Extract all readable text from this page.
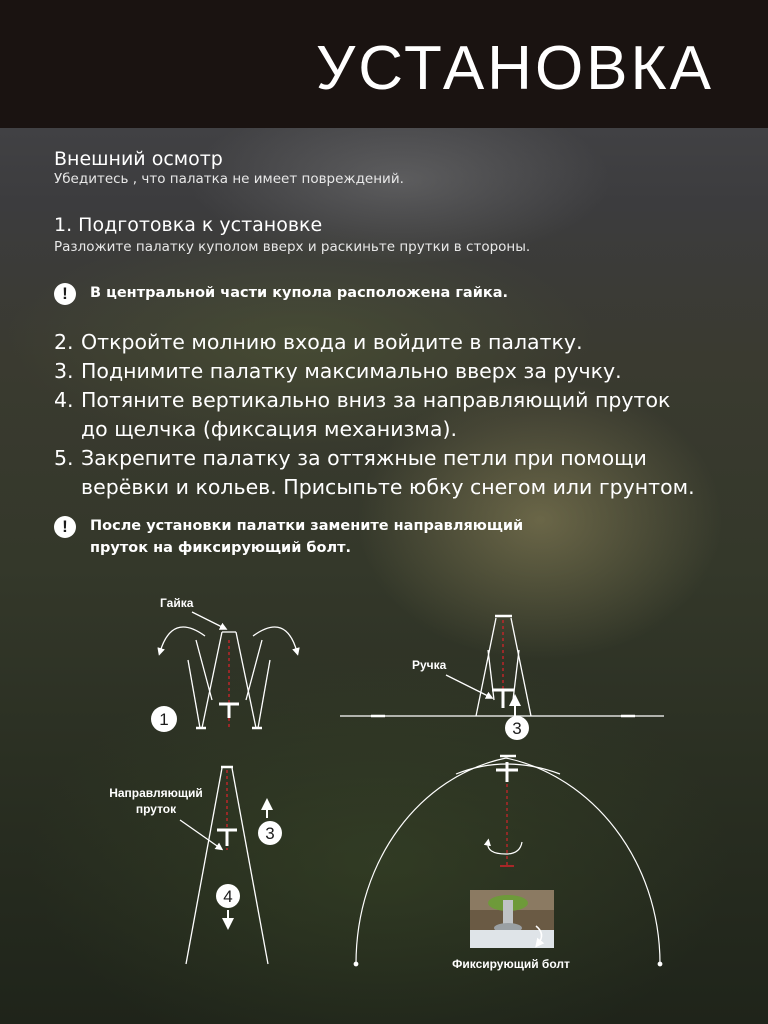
УСТАНОВКА
Внешний осмотр
Убедитесь , что палатка не имеет повреждений.
1. Подготовка к установке
Разложите палатку куполом вверх и раскиньте прутки в стороны.
!	В центральной части купола расположена гайка.
2. Откройте молнию входа и войдите в палатку.
3. Поднимите палатку максимально вверх за ручку.
4. Потяните вертикально вниз за направляющий пруток
до щелчка (фиксация механизма).
5. Закрепите палатку за оттяжные петли при помощи
верёвки и кольев. Присыпьте юбку снегом или грунтом.
!	После установки палатки замените направляющий
пруток на фиксирующий болт.
Гайка
1
Ручка
3
Направляющий
пруток
3
4
Фиксирующий болт
